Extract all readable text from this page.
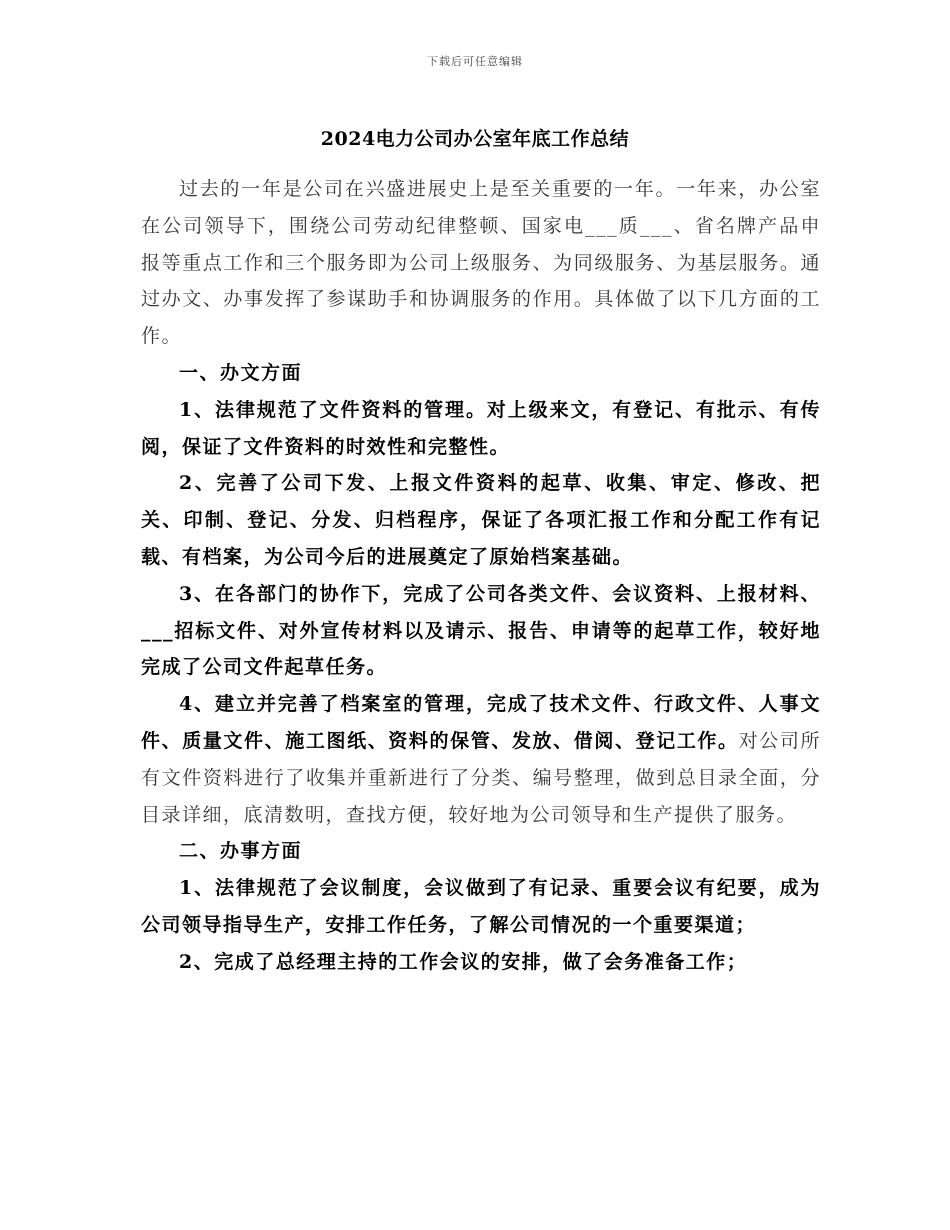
下载后可任意编辑
2024电力公司办公室年底工作总结

过去的一年是公司在兴盛进展史上是至关重要的一年。一年来，办公室在公司领导下，围绕公司劳动纪律整顿、国家电___质___、省名牌产品申报等重点工作和三个服务即为公司上级服务、为同级服务、为基层服务。通过办文、办事发挥了参谋助手和协调服务的作用。具体做了以下几方面的工作。

一、办文方面

1、法律规范了文件资料的管理。对上级来文，有登记、有批示、有传阅，保证了文件资料的时效性和完整性。

2、完善了公司下发、上报文件资料的起草、收集、审定、修改、把关、印制、登记、分发、归档程序，保证了各项汇报工作和分配工作有记载、有档案，为公司今后的进展奠定了原始档案基础。

3、在各部门的协作下，完成了公司各类文件、会议资料、上报材料、___招标文件、对外宣传材料以及请示、报告、申请等的起草工作，较好地完成了公司文件起草任务。

4、建立并完善了档案室的管理，完成了技术文件、行政文件、人事文件、质量文件、施工图纸、资料的保管、发放、借阅、登记工作。对公司所有文件资料进行了收集并重新进行了分类、编号整理，做到总目录全面，分目录详细，底清数明，查找方便，较好地为公司领导和生产提供了服务。

二、办事方面

1、法律规范了会议制度，会议做到了有记录、重要会议有纪要，成为公司领导指导生产，安排工作任务，了解公司情况的一个重要渠道；

2、完成了总经理主持的工作会议的安排，做了会务准备工作；
